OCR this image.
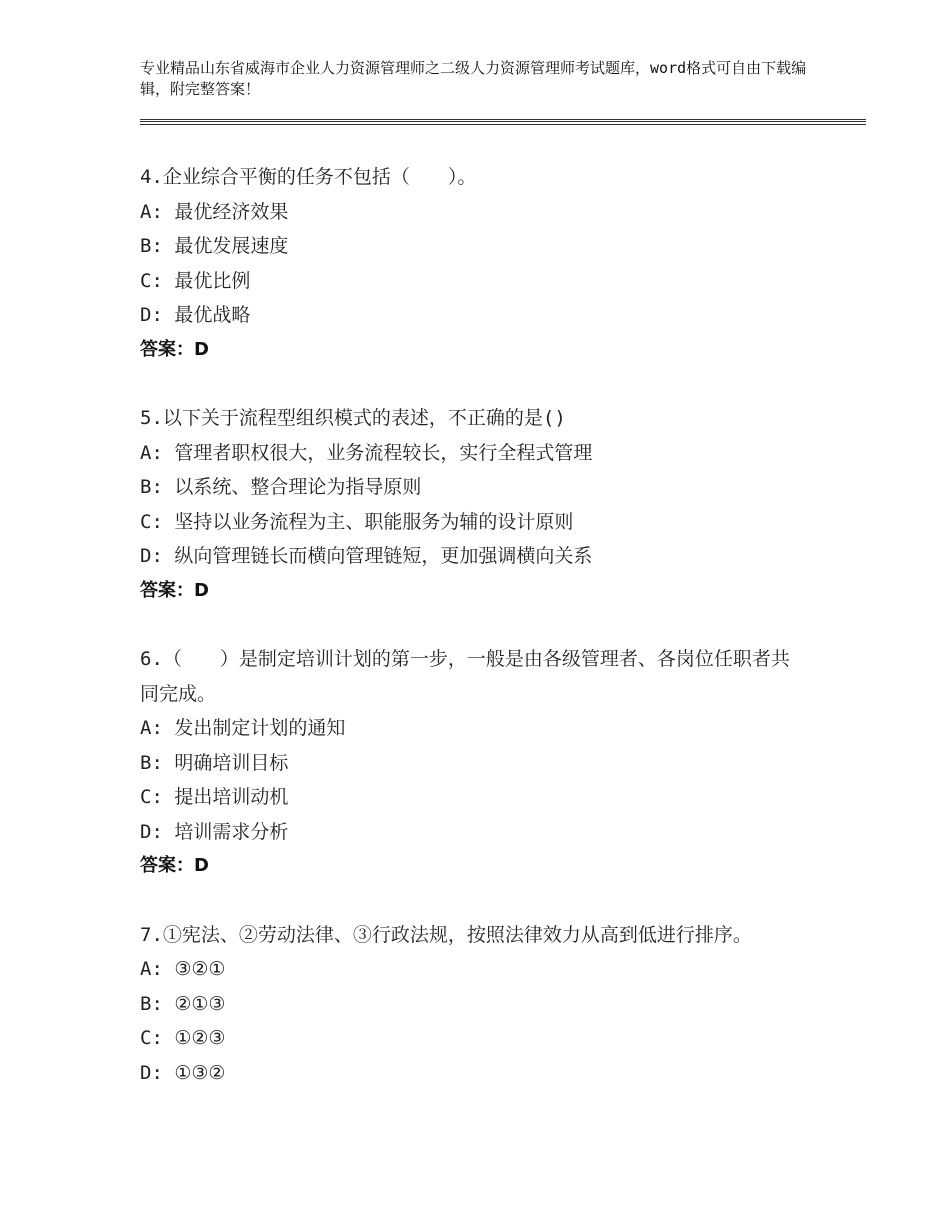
专业精品山东省威海市企业人力资源管理师之二级人力资源管理师考试题库，word格式可自由下载编辑，附完整答案！
4.企业综合平衡的任务不包括（　　）。
A: 最优经济效果
B: 最优发展速度
C: 最优比例
D: 最优战略
答案：D
5.以下关于流程型组织模式的表述，不正确的是()
A: 管理者职权很大，业务流程较长，实行全程式管理
B: 以系统、整合理论为指导原则
C: 坚持以业务流程为主、职能服务为辅的设计原则
D: 纵向管理链长而横向管理链短，更加强调横向关系
答案：D
6.（　　）是制定培训计划的第一步，一般是由各级管理者、各岗位任职者共同完成。
A: 发出制定计划的通知
B: 明确培训目标
C: 提出培训动机
D: 培训需求分析
答案：D
7.①宪法、②劳动法律、③行政法规，按照法律效力从高到低进行排序。
A: ③②①
B: ②①③
C: ①②③
D: ①③②
